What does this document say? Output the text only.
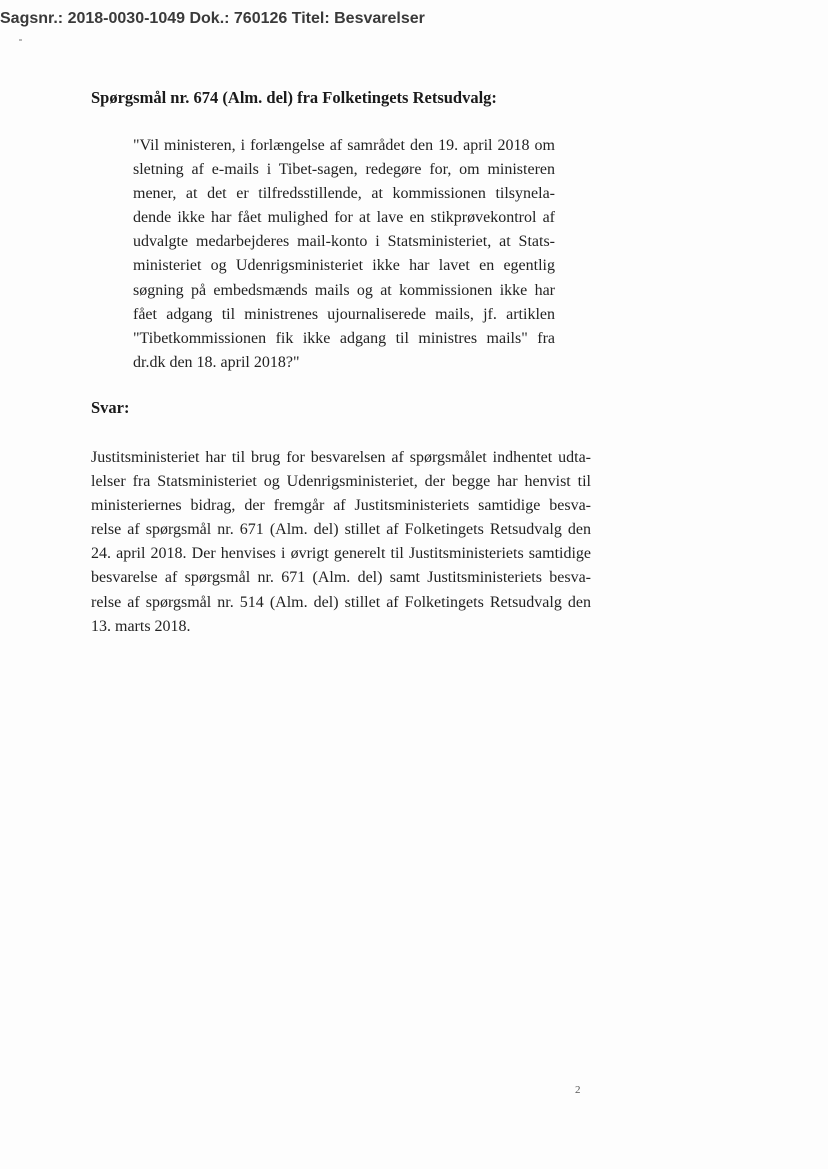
Sagsnr.: 2018-0030-1049 Dok.: 760126 Titel: Besvarelser
Spørgsmål nr. 674 (Alm. del) fra Folketingets Retsudvalg:
"Vil ministeren, i forlængelse af samrådet den 19. april 2018 om
sletning af e-mails i Tibet-sagen, redegøre for, om ministeren
mener, at det er tilfredsstillende, at kommissionen tilsynela-
dende ikke har fået mulighed for at lave en stikprøvekontrol af
udvalgte medarbejderes mail-konto i Statsministeriet, at Stats-
ministeriet og Udenrigsministeriet ikke har lavet en egentlig
søgning på embedsmænds mails og at kommissionen ikke har
fået adgang til ministrenes ujournaliserede mails, jf. artiklen
"Tibetkommissionen fik ikke adgang til ministres mails" fra
dr.dk den 18. april 2018?"
Svar:
Justitsministeriet har til brug for besvarelsen af spørgsmålet indhentet udta-
lelser fra Statsministeriet og Udenrigsministeriet, der begge har henvist til
ministeriernes bidrag, der fremgår af Justitsministeriets samtidige besva-
relse af spørgsmål nr. 671 (Alm. del) stillet af Folketingets Retsudvalg den
24. april 2018. Der henvises i øvrigt generelt til Justitsministeriets samtidige
besvarelse af spørgsmål nr. 671 (Alm. del) samt Justitsministeriets besva-
relse af spørgsmål nr. 514 (Alm. del) stillet af Folketingets Retsudvalg den
13. marts 2018.
2
